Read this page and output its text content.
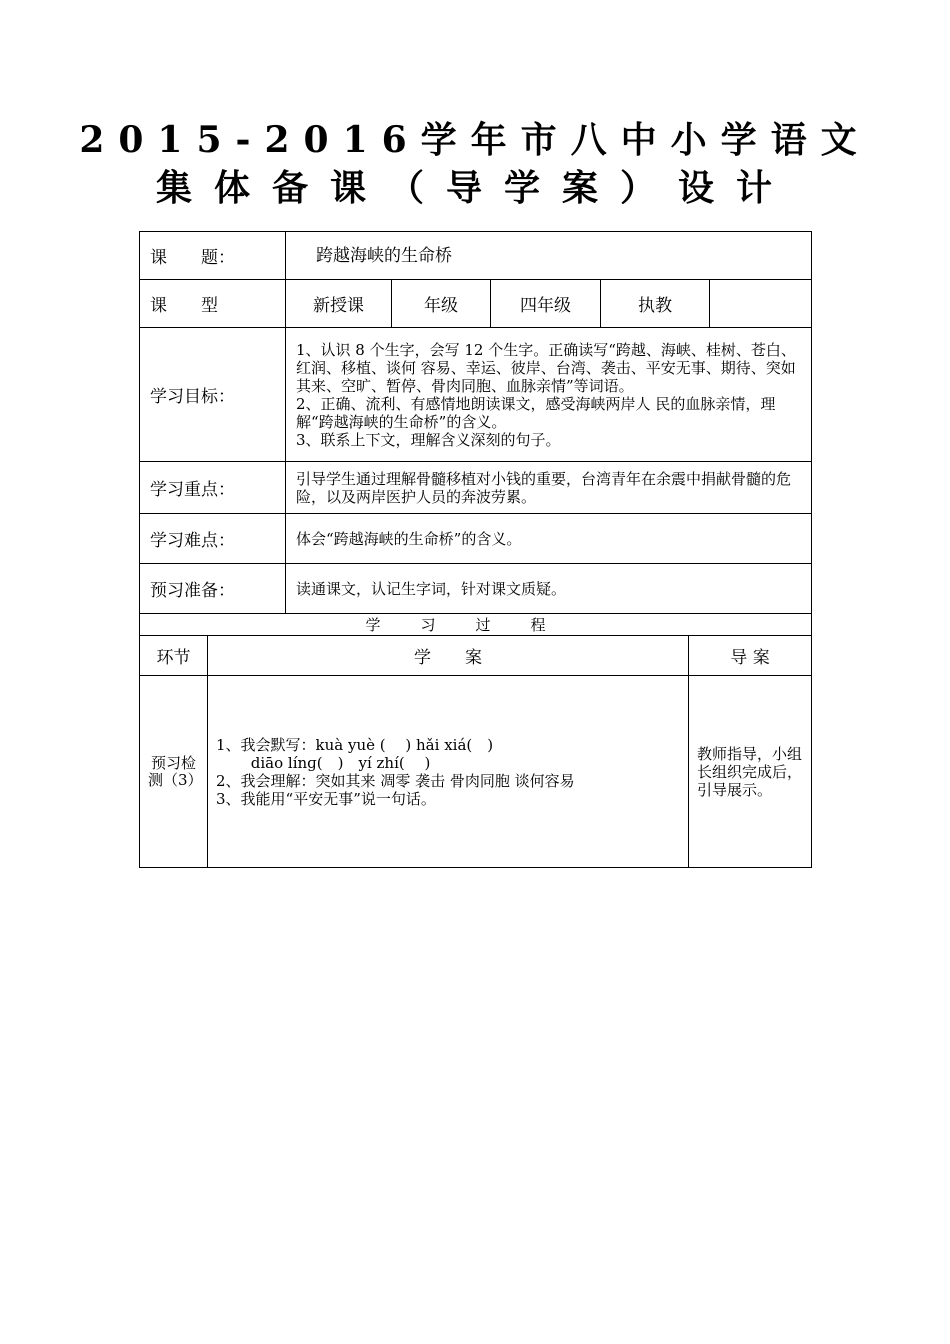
2015-2016学年市八中小学语文
集体备课（导学案）设计
课　　题：	跨越海峡的生命桥				
课　　型	新授课	年级	四年级	执教	
学习目标：	1、认识 8 个生字，会写 12 个生字。正确读写“跨越、海峡、桂树、苍白、红润、移植、谈何 容易、幸运、彼岸、台湾、袭击、平安无事、期待、突如其来、空旷、暂停、骨肉同胞、血脉亲情”等词语。
2、正确、流利、有感情地朗读课文，感受海峡两岸人 民的血脉亲情，理解“跨越海峡的生命桥”的含义。
3、联系上下文，理解含义深刻的句子。				

学习重点：	引导学生通过理解骨髓移植对小钱的重要，台湾青年在余震中捐献骨髓的危险，以及两岸医护人员的奔波劳累。				
学习难点：	体会“跨越海峡的生命桥”的含义。				
预习准备：	读通课文，认记生字词，针对课文质疑。				
学习过程		
环节	学　　案	导 案
预习检测（3）	1、我会默写：kuà yuè (　 ) hǎi xiá(　)
　　 diāo línɡ(　)　yí zhí(　 )
2、我会理解：突如其来 凋零 袭击 骨肉同胞 谈何容易
3、我能用“平安无事”说一句话。	教师指导，小组长组织完成后，引导展示。
